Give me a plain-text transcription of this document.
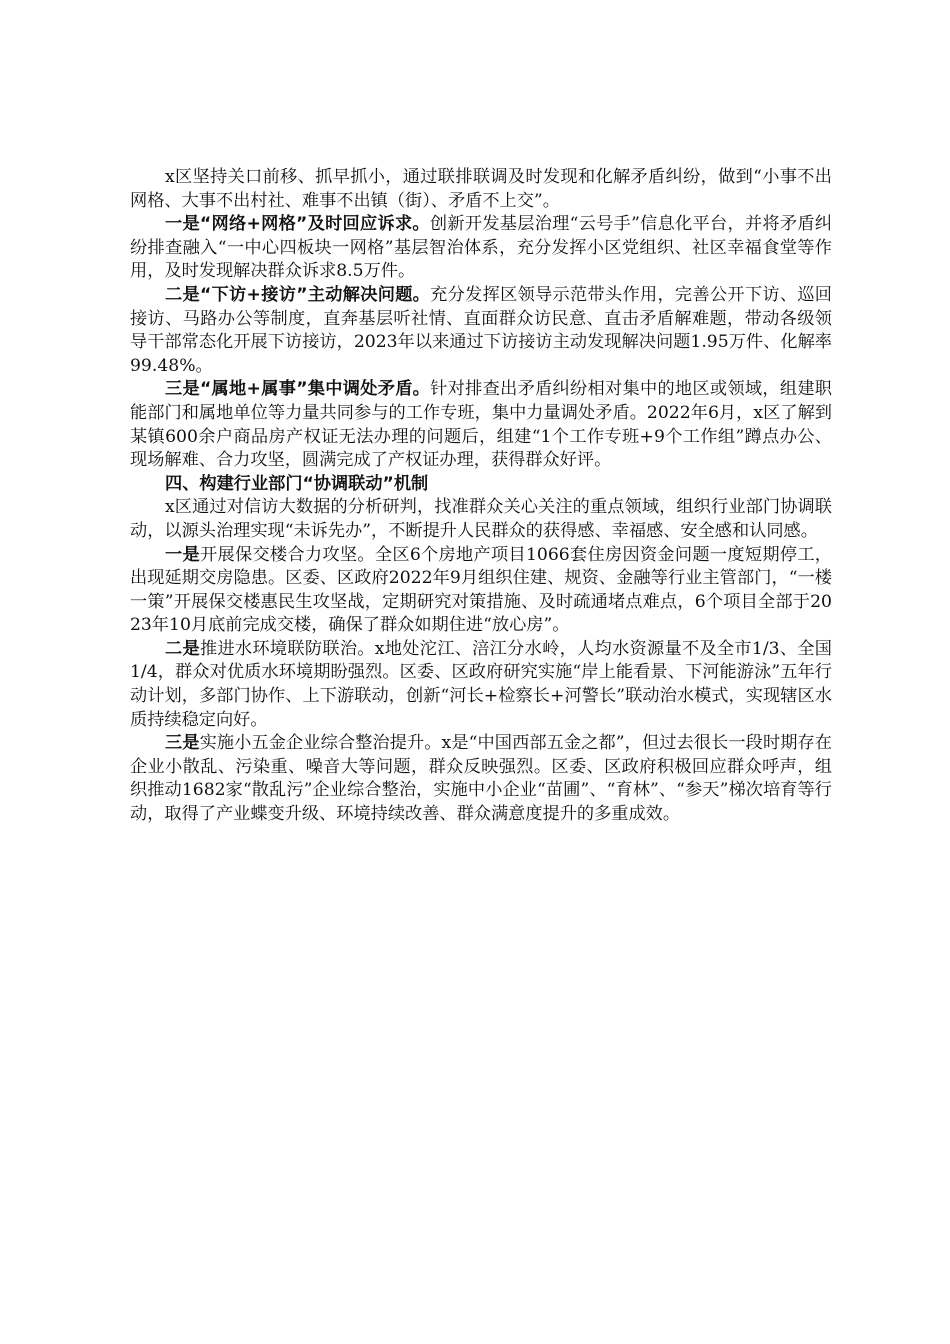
x区坚持关口前移、抓早抓小，通过联排联调及时发现和化解矛盾纠纷，做到“小事不出网格、大事不出村社、难事不出镇（街）、矛盾不上交”。

一是“网络+网格”及时回应诉求。创新开发基层治理“云号手”信息化平台，并将矛盾纠纷排查融入“一中心四板块一网格”基层智治体系，充分发挥小区党组织、社区幸福食堂等作用，及时发现解决群众诉求8.5万件。

二是“下访+接访”主动解决问题。充分发挥区领导示范带头作用，完善公开下访、巡回接访、马路办公等制度，直奔基层听社情、直面群众访民意、直击矛盾解难题，带动各级领导干部常态化开展下访接访，2023年以来通过下访接访主动发现解决问题1.95万件、化解率99.48%。

三是“属地+属事”集中调处矛盾。针对排查出矛盾纠纷相对集中的地区或领域，组建职能部门和属地单位等力量共同参与的工作专班，集中力量调处矛盾。2022年6月，x区了解到某镇600余户商品房产权证无法办理的问题后，组建“1个工作专班+9个工作组”蹲点办公、现场解难、合力攻坚，圆满完成了产权证办理，获得群众好评。

四、构建行业部门“协调联动”机制

x区通过对信访大数据的分析研判，找准群众关心关注的重点领域，组织行业部门协调联动，以源头治理实现“未诉先办”，不断提升人民群众的获得感、幸福感、安全感和认同感。

一是开展保交楼合力攻坚。全区6个房地产项目1066套住房因资金问题一度短期停工，出现延期交房隐患。区委、区政府2022年9月组织住建、规资、金融等行业主管部门，“一楼一策”开展保交楼惠民生攻坚战，定期研究对策措施、及时疏通堵点难点，6个项目全部于2023年10月底前完成交楼，确保了群众如期住进“放心房”。

二是推进水环境联防联治。x地处沱江、涪江分水岭，人均水资源量不及全市1/3、全国1/4，群众对优质水环境期盼强烈。区委、区政府研究实施“岸上能看景、下河能游泳”五年行动计划，多部门协作、上下游联动，创新“河长+检察长+河警长”联动治水模式，实现辖区水质持续稳定向好。

三是实施小五金企业综合整治提升。x是“中国西部五金之都”，但过去很长一段时期存在企业小散乱、污染重、噪音大等问题，群众反映强烈。区委、区政府积极回应群众呼声，组织推动1682家“散乱污”企业综合整治，实施中小企业“苗圃”、“育林”、“参天”梯次培育等行动，取得了产业蝶变升级、环境持续改善、群众满意度提升的多重成效。
